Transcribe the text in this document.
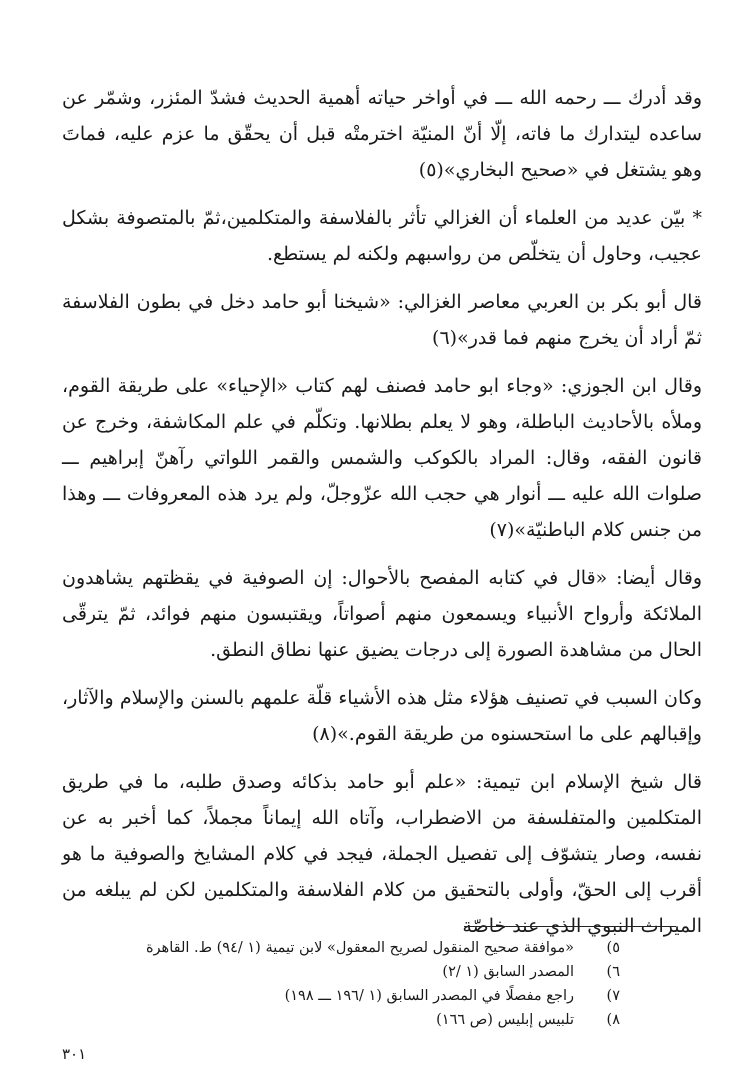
وقد أدرك ـــ رحمه الله ـــ في أواخر حياته أهمية الحديث فشدّ المئزر، وشمّر عن ساعده ليتدارك ما فاته، إلّا أنّ المنيّة اخترمتْه قبل أن يحقّق ما عزم عليه، فماتَ وهو يشتغل في «صحيح البخاري»(٥)

* بيّن عديد من العلماء أن الغزالي تأثر بالفلاسفة والمتكلمين،ثمّ بالمتصوفة بشكل عجيب، وحاول أن يتخلّص من رواسبهم ولكنه لم يستطع.

قال أبو بكر بن العربي معاصر الغزالي: «شيخنا أبو حامد دخل في بطون الفلاسفة ثمّ أراد أن يخرج منهم فما قدر»(٦)

وقال ابن الجوزي: «وجاء ابو حامد فصنف لهم كتاب «الإحياء» على طريقة القوم، وملأه بالأحاديث الباطلة، وهو لا يعلم بطلانها. وتكلّم في علم المكاشفة، وخرج عن قانون الفقه، وقال: المراد بالكوكب والشمس والقمر اللواتي رآهنّ إبراهيم ـــ صلوات الله عليه ـــ أنوار هي حجب الله عزّوجلّ، ولم يرد هذه المعروفات ـــ وهذا من جنس كلام الباطنيّة»(٧)

وقال أيضا: «قال في كتابه المفصح بالأحوال: إن الصوفية في يقظتهم يشاهدون الملائكة وأرواح الأنبياء ويسمعون منهم أصواتاً، ويقتبسون منهم فوائد، ثمّ يترقّى الحال من مشاهدة الصورة إلى درجات يضيق عنها نطاق النطق.

وكان السبب في تصنيف هؤلاء مثل هذه الأشياء قلّة علمهم بالسنن والإسلام والآثار، وإقبالهم على ما استحسنوه من طريقة القوم.»(٨)

قال شيخ الإسلام ابن تيمية: «علم أبو حامد بذكائه وصدق طلبه، ما في طريق المتكلمين والمتفلسفة من الاضطراب، وآتاه الله إيماناً مجملاً، كما أخبر به عن نفسه، وصار يتشوّف إلى تفصيل الجملة، فيجد في كلام المشايخ والصوفية ما هو أقرب إلى الحقّ، وأولى بالتحقيق من كلام الفلاسفة والمتكلمين لكن لم يبلغه من الميراث النبوي الذي عند خاصّة

٥)
«موافقة صحيح المنقول لصريح المعقول» لابن تيمية (١ /٩٤) ط. القاهرة
٦)
المصدر السابق (١ /٢)
٧)
راجع مفصلًا في المصدر السابق (١ /١٩٦ ـــ ١٩٨)
٨)
تلبيس إبليس (ص ١٦٦)
٣٠١
